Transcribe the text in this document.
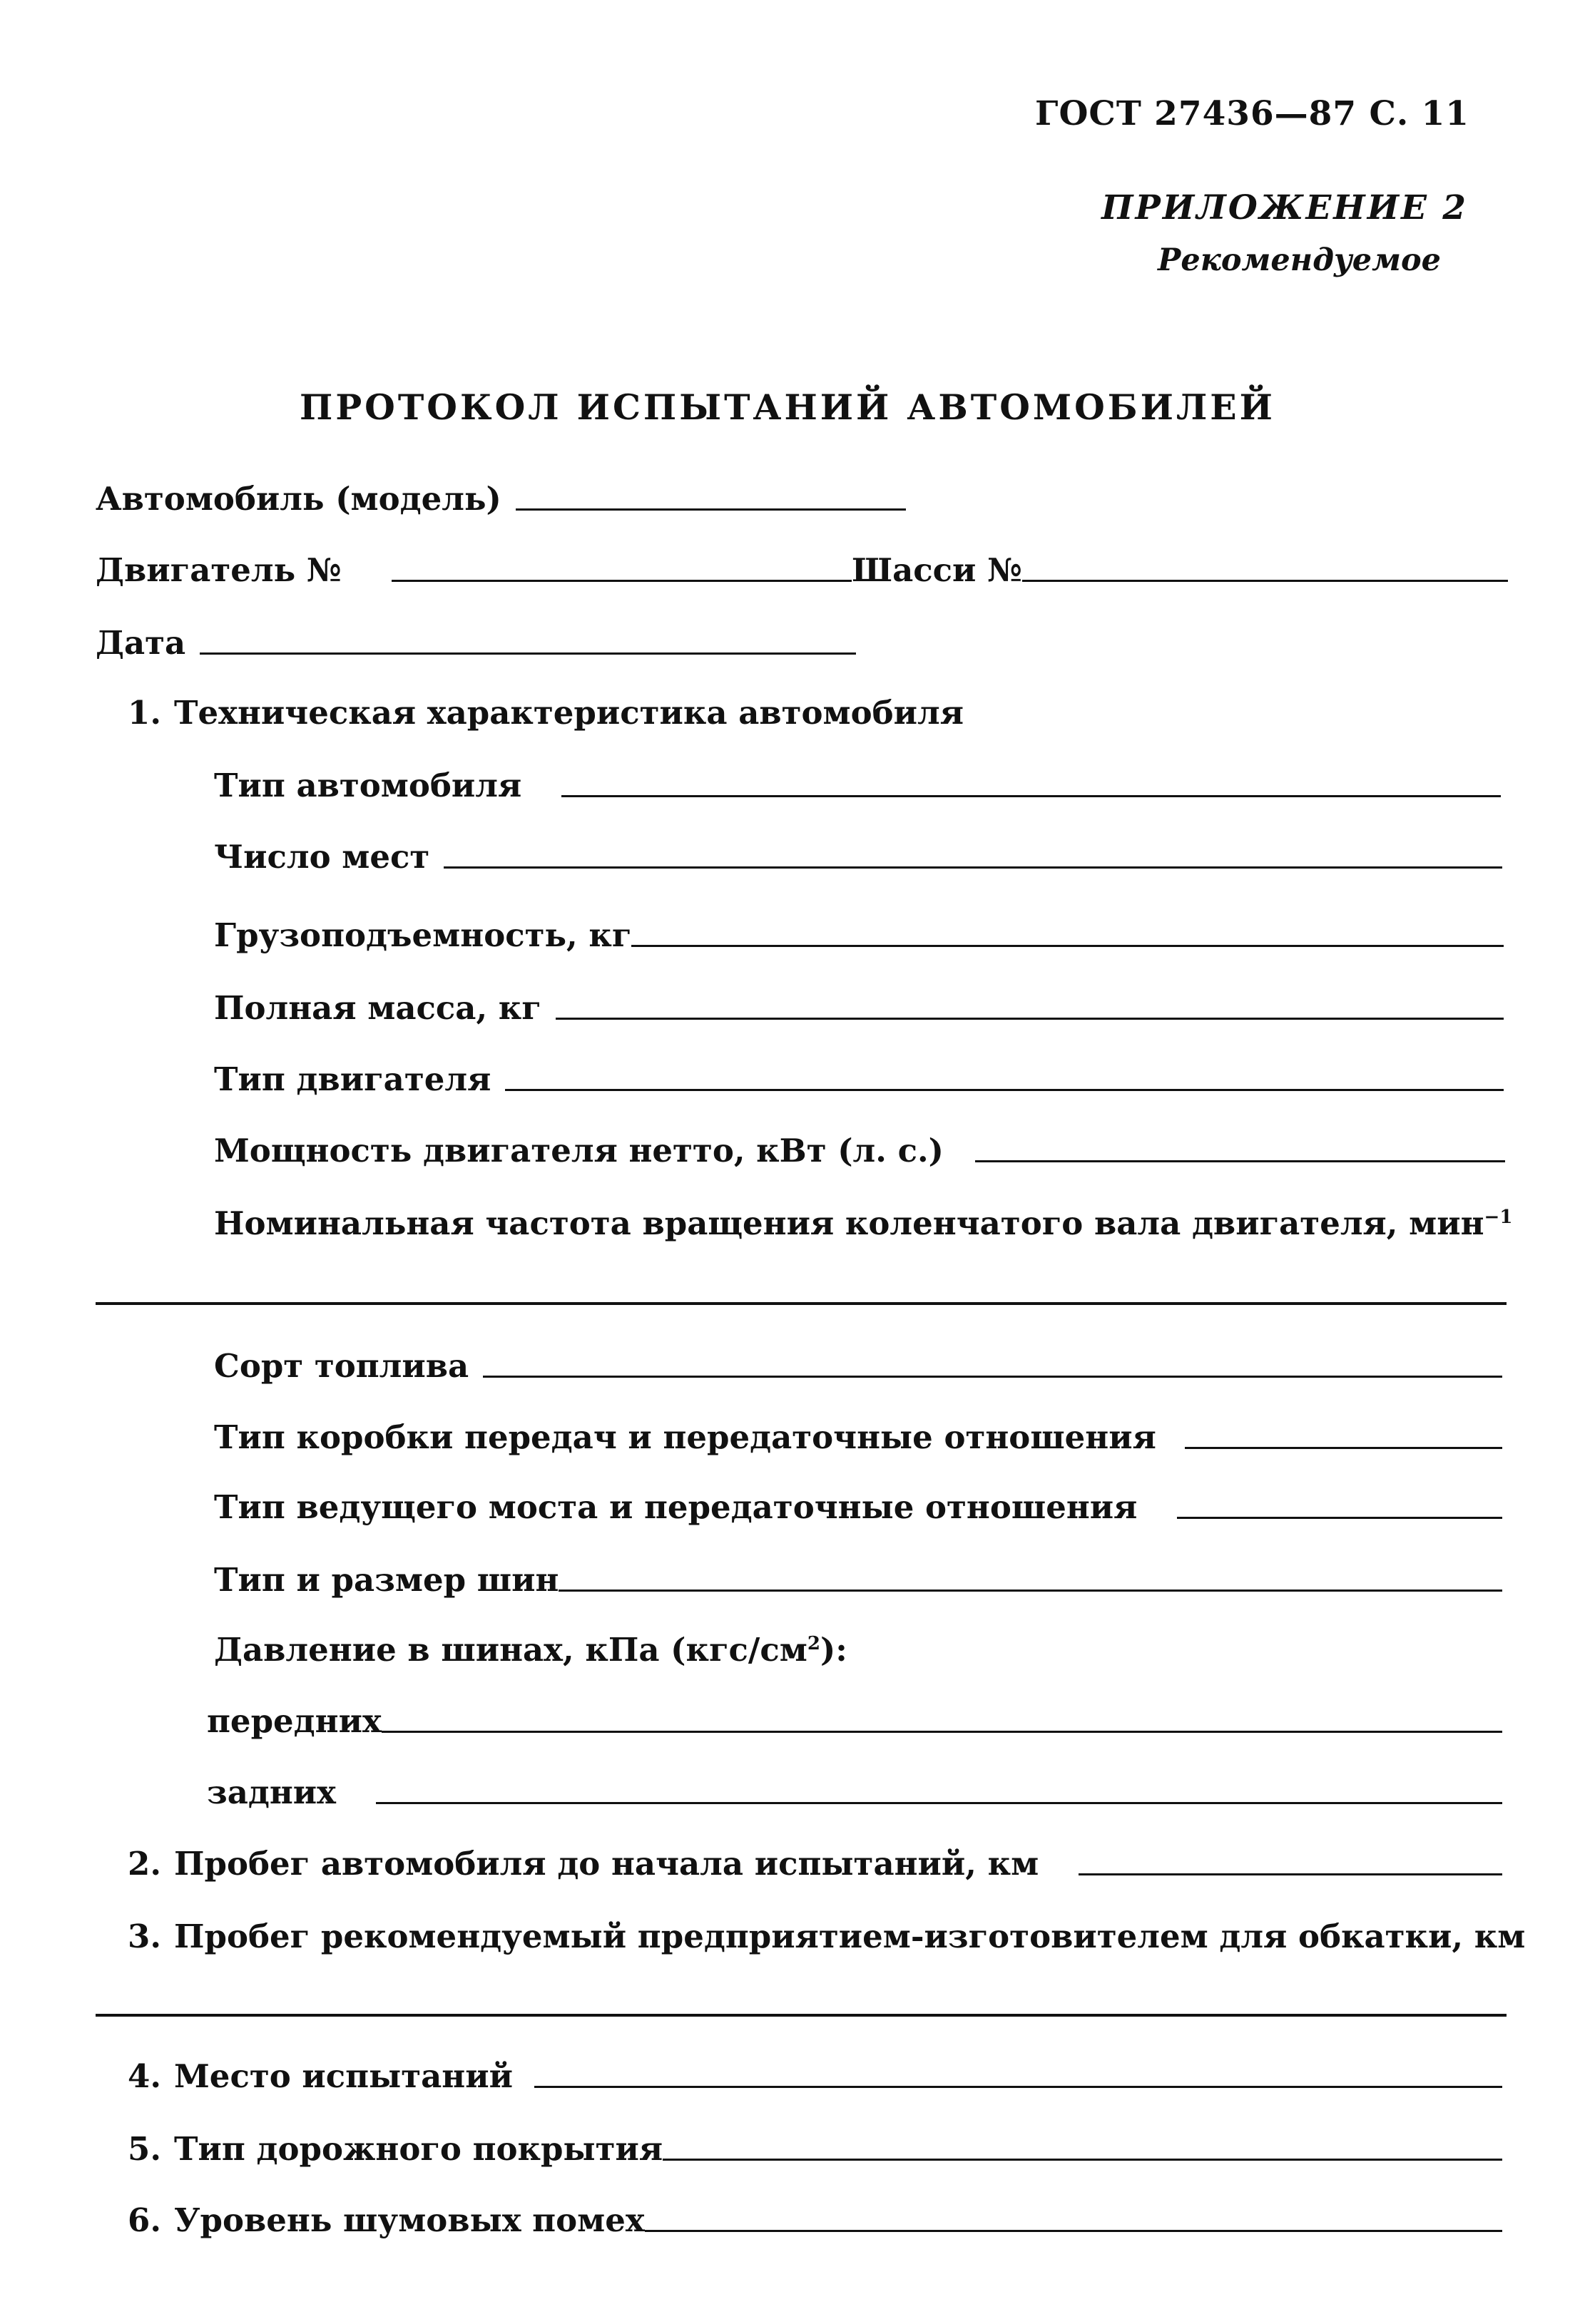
ГОСТ 27436—87 С. 11
ПРИЛОЖЕНИЕ 2
Рекомендуемое
ПРОТОКОЛ ИСПЫТАНИЙ АВТОМОБИЛЕЙ
Автомобиль (модель)
Двигатель №	Шасси №
Дата
1. Техническая характеристика автомобиля
Тип автомобиля
Число мест
Грузоподъемность, кг
Полная масса, кг
Тип двигателя
Мощность двигателя нетто, кВт (л. с.)
Номинальная частота вращения коленчатого вала двигателя, мин$^{-1}$
Сорт топлива
Тип коробки передач и передаточные отношения
Тип ведущего моста и передаточные отношения
Тип и размер шин
Давление в шинах, кПа $(кгс/см^2)$:
передних
задних
2. Пробег автомобиля до начала испытаний, км
3. Пробег рекомендуемый предприятием-изготовителем для обкатки, км
4. Место испытаний
5. Тип дорожного покрытия
6. Уровень шумовых помех
